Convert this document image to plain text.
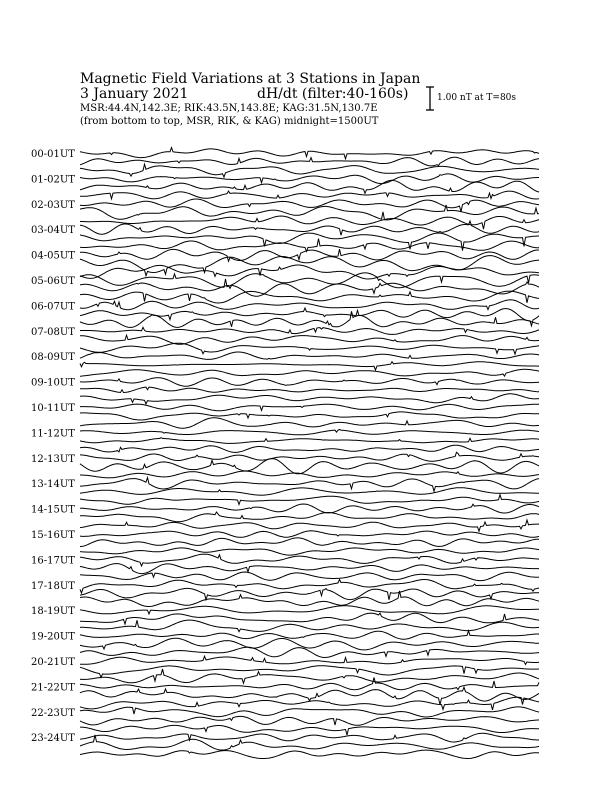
00-01UT
01-02UT
02-03UT
03-04UT
04-05UT
05-06UT
06-07UT
07-08UT
08-09UT
09-10UT
10-11UT
11-12UT
12-13UT
13-14UT
14-15UT
15-16UT
16-17UT
17-18UT
18-19UT
19-20UT
20-21UT
21-22UT
22-23UT
23-24UT
Magnetic Field Variations at 3 Stations in Japan
3 January 2021	dH/dt (filter:40-160s)
MSR:44.4N,142.3E; RIK:43.5N,143.8E; KAG:31.5N,130.7E
(from bottom to top, MSR, RIK, & KAG) midnight=1500UT
1.00 nT at T=80s
